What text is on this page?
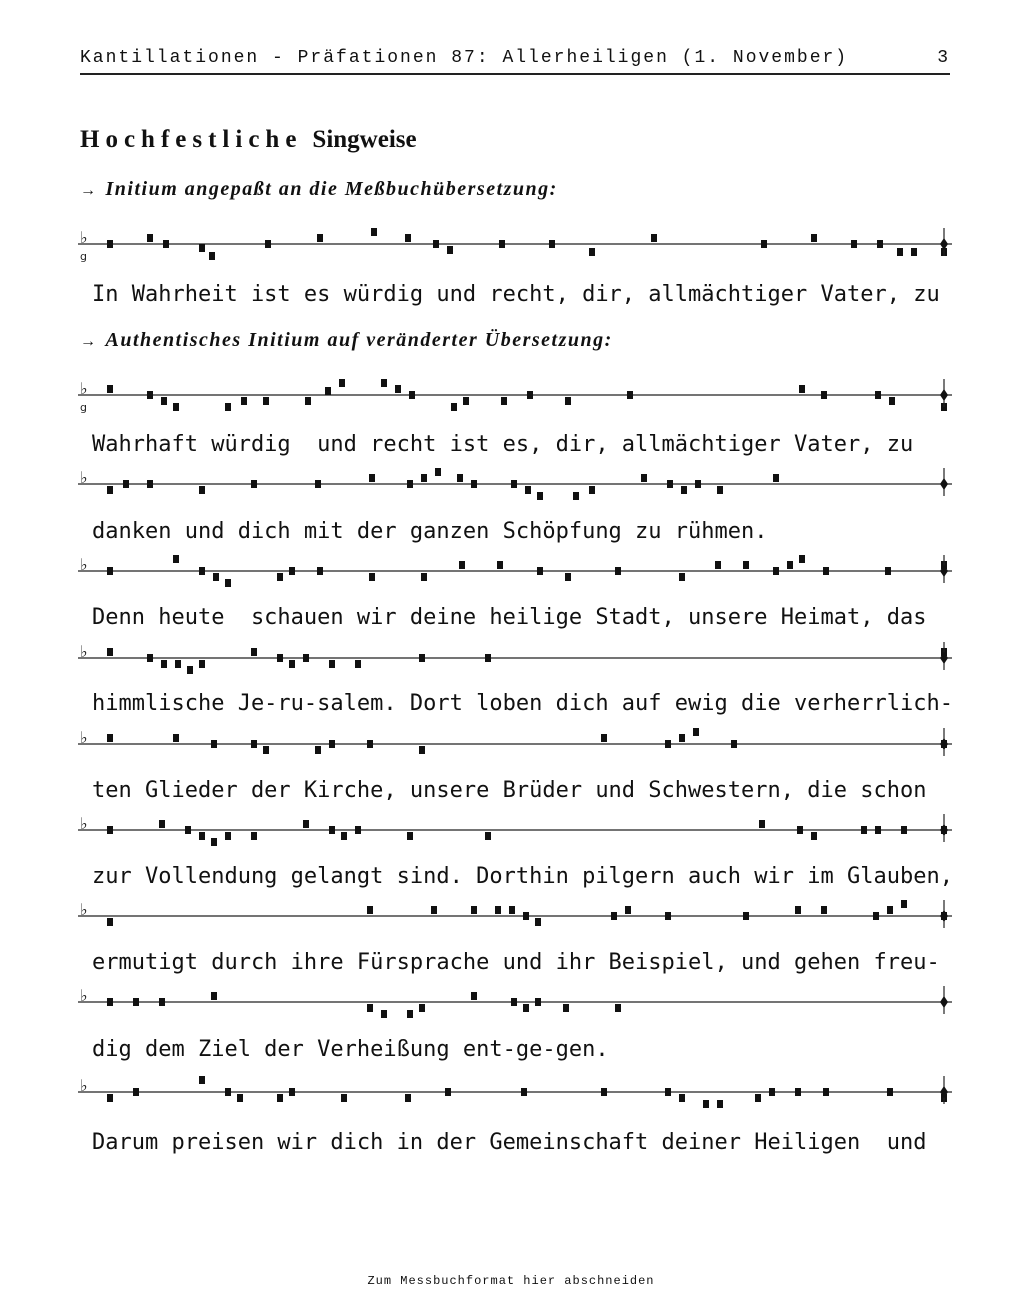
Kantillationen - Präfationen 87: Allerheiligen (1. November)	3
Hochfestliche Singweise
→ Initium angepaßt an die Meßbuchübersetzung:
→ Authentisches Initium auf veränderter Übersetzung:
♭
g
In Wahrheit ist es würdig und recht, dir, allmächtiger Vater, zu
♭
g
Wahrhaft würdig  und recht ist es, dir, allmächtiger Vater, zu
♭
danken und dich mit der ganzen Schöpfung zu rühmen.
♭
Denn heute  schauen wir deine heilige Stadt, unsere Heimat, das
♭
himmlische Je-ru-salem. Dort loben dich auf ewig die verherrlich-
♭
ten Glieder der Kirche, unsere Brüder und Schwestern, die schon
♭
zur Vollendung gelangt sind. Dorthin pilgern auch wir im Glauben,
♭
ermutigt durch ihre Fürsprache und ihr Beispiel, und gehen freu-
♭
dig dem Ziel der Verheißung ent-ge-gen.
♭
Darum preisen wir dich in der Gemeinschaft deiner Heiligen  und
Zum Messbuchformat hier abschneiden
